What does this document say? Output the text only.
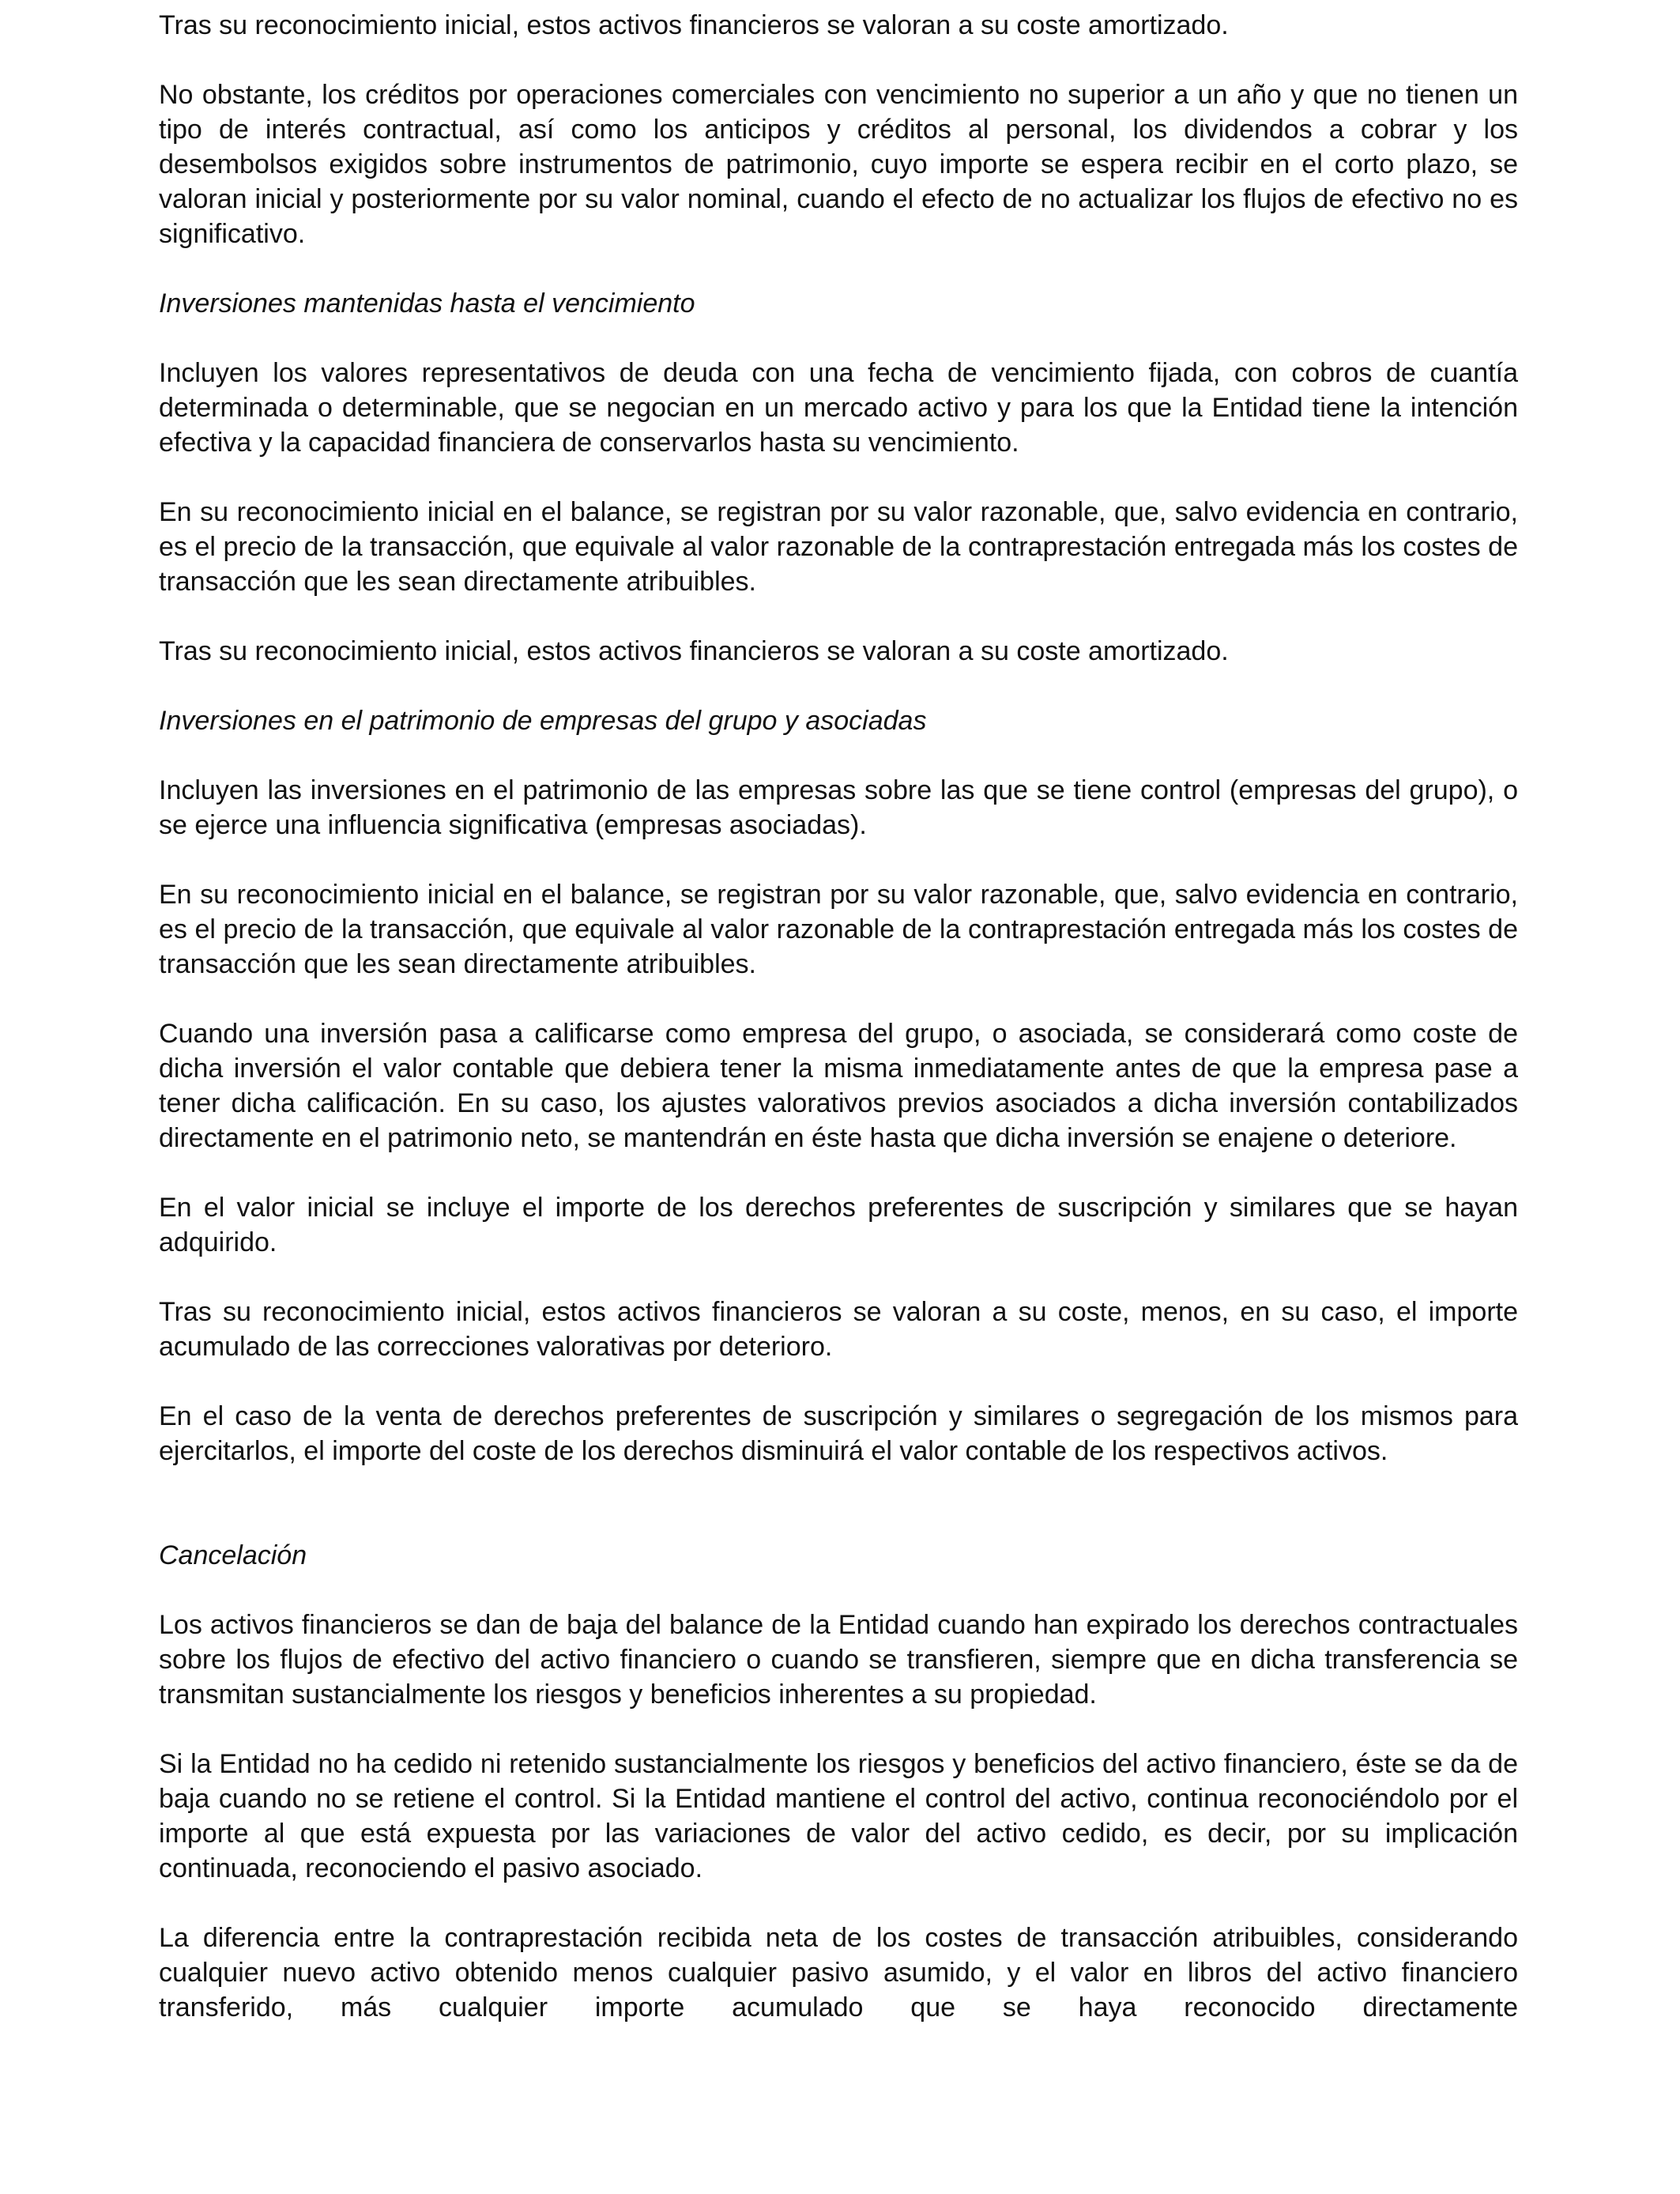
Tras su reconocimiento inicial, estos activos financieros se valoran a su coste amortizado.

No obstante, los créditos por operaciones comerciales con vencimiento no superior a un año y que no tienen un tipo de interés contractual, así como los anticipos y créditos al personal, los dividendos a cobrar y los desembolsos exigidos sobre instrumentos de patrimonio, cuyo importe se espera recibir en el corto plazo, se valoran inicial y posteriormente por su valor nominal, cuando el efecto de no actualizar los flujos de efectivo no es significativo.

Inversiones mantenidas hasta el vencimiento

Incluyen los valores representativos de deuda con una fecha de vencimiento fijada, con cobros de cuantía determinada o determinable, que se negocian en un mercado activo y para los que la Entidad tiene la intención efectiva y la capacidad financiera de conservarlos hasta su vencimiento.

En su reconocimiento inicial en el balance, se registran por su valor razonable, que, salvo evidencia en contrario, es el precio de la transacción, que equivale al valor razonable de la contraprestación entregada más los costes de transacción que les sean directamente atribuibles.

Tras su reconocimiento inicial, estos activos financieros se valoran a su coste amortizado.

Inversiones en el patrimonio de empresas del grupo y asociadas

Incluyen las inversiones en el patrimonio de las empresas sobre las que se tiene control (empresas del grupo), o se ejerce una influencia significativa (empresas asociadas).

En su reconocimiento inicial en el balance, se registran por su valor razonable, que, salvo evidencia en contrario, es el precio de la transacción, que equivale al valor razonable de la contraprestación entregada más los costes de transacción que les sean directamente atribuibles.

Cuando una inversión pasa a calificarse como empresa del grupo, o asociada, se considerará como coste de dicha inversión el valor contable que debiera tener la misma inmediatamente antes de que la empresa pase a tener dicha calificación. En su caso, los ajustes valorativos previos asociados a dicha inversión contabilizados directamente en el patrimonio neto, se mantendrán en éste hasta que dicha inversión se enajene o deteriore.

En el valor inicial se incluye el importe de los derechos preferentes de suscripción y similares que se hayan adquirido.

Tras su reconocimiento inicial, estos activos financieros se valoran a su coste, menos, en su caso, el importe acumulado de las correcciones valorativas por deterioro.

En el caso de la venta de derechos preferentes de suscripción y similares o segregación de los mismos para ejercitarlos, el importe del coste de los derechos disminuirá el valor contable de los respectivos activos.

Cancelación

Los activos financieros se dan de baja del balance de la Entidad cuando han expirado los derechos contractuales sobre los flujos de efectivo del activo financiero o cuando se transfieren, siempre que en dicha transferencia se transmitan sustancialmente los riesgos y beneficios inherentes a su propiedad.

Si la Entidad no ha cedido ni retenido sustancialmente los riesgos y beneficios del activo financiero, éste se da de baja cuando no se retiene el control. Si la Entidad mantiene el control del activo, continua reconociéndolo por el importe al que está expuesta por las variaciones de valor del activo cedido, es decir, por su implicación continuada, reconociendo el pasivo asociado.

La diferencia entre la contraprestación recibida neta de los costes de transacción atribuibles, considerando cualquier nuevo activo obtenido menos cualquier pasivo asumido, y el valor en libros del activo financiero transferido, más cualquier importe acumulado que se haya reconocido directamente
